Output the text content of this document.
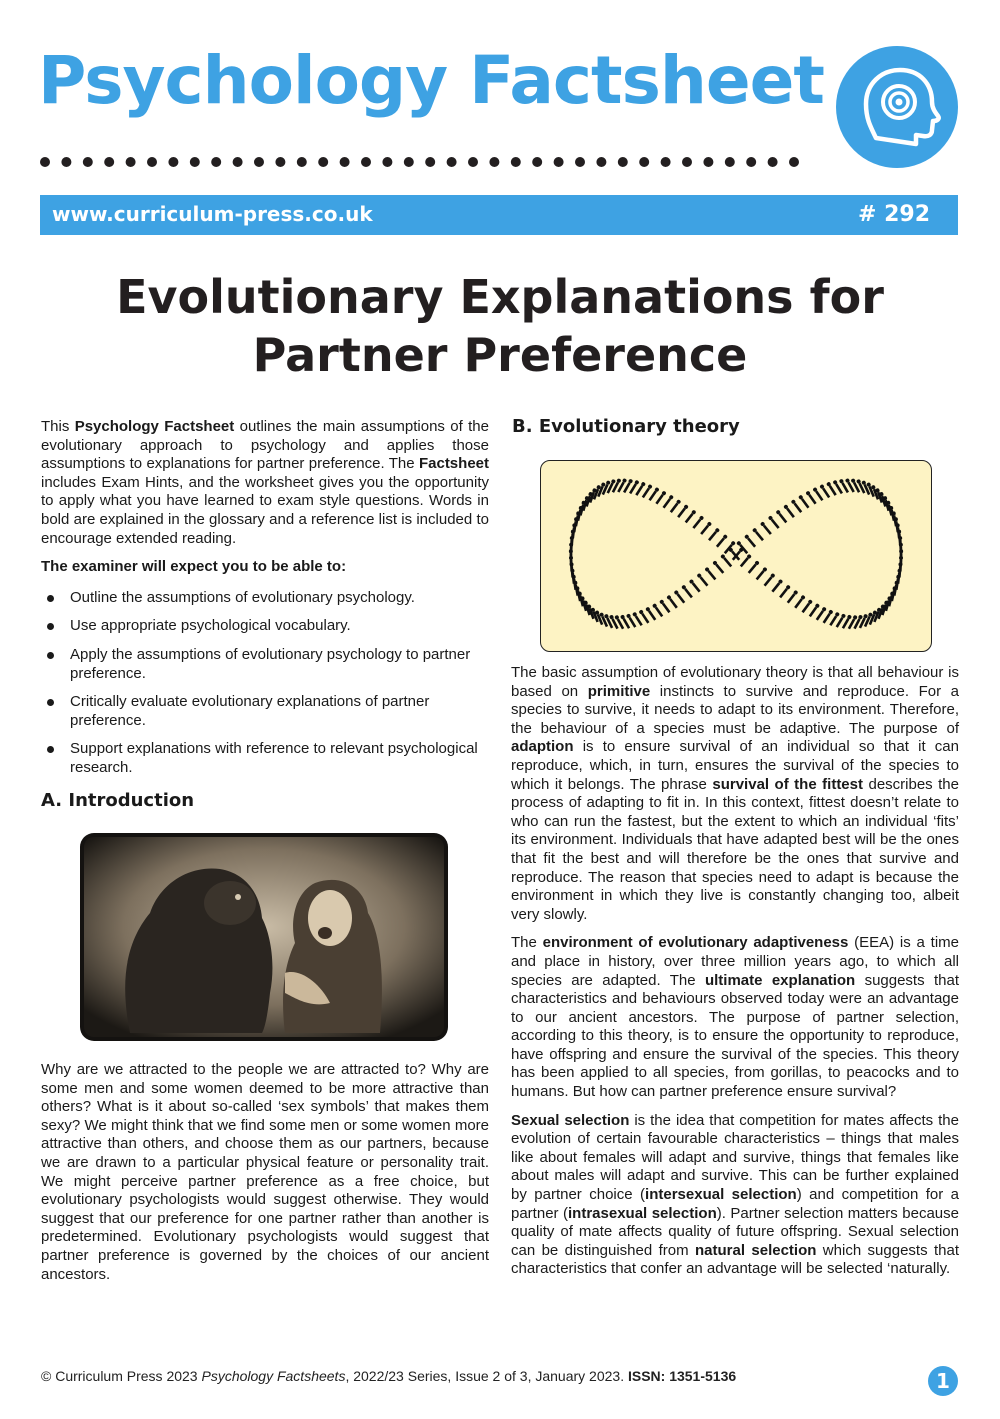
Psychology Factsheet
www.curriculum-press.co.uk	# 292
Evolutionary Explanations for
Partner Preference

This Psychology Factsheet outlines the main assumptions of the evolutionary approach to psychology and applies those assumptions to explanations for partner preference. The Factsheet includes Exam Hints, and the worksheet gives you the opportunity to apply what you have learned to exam style questions. Words in bold are explained in the glossary and a reference list is included to encourage extended reading.

The examiner will expect you to be able to:

Outline the assumptions of evolutionary psychology.
Use appropriate psychological vocabulary.
Apply the assumptions of evolutionary psychology to partner preference.
Critically evaluate evolutionary explanations of partner preference.
Support explanations with reference to relevant psychological research.
A. Introduction
Why are we attracted to the people we are attracted to? Why are some men and some women deemed to be more attractive than others? What is it about so-called ‘sex symbols’ that makes them sexy? We might think that we find some men or some women more attractive than others, and choose them as our partners, because we are drawn to a particular physical feature or personality trait. We might perceive partner preference as a free choice, but evolutionary psychologists would suggest otherwise. They would suggest that our preference for one partner rather than another is predetermined. Evolutionary psychologists would suggest that partner preference is governed by the choices of our ancient ancestors.
B. Evolutionary theory

The basic assumption of evolutionary theory is that all behaviour is based on primitive instincts to survive and reproduce. For a species to survive, it needs to adapt to its environment. Therefore, the behaviour of a species must be adaptive. The purpose of adaption is to ensure survival of an individual so that it can reproduce, which, in turn, ensures the survival of the species to which it belongs. The phrase survival of the fittest describes the process of adapting to fit in. In this context, fittest doesn’t relate to who can run the fastest, but the extent to which an individual ‘fits’ its environment. Individuals that have adapted best will be the ones that fit the best and will therefore be the ones that survive and reproduce. The reason that species need to adapt is because the environment in which they live is constantly changing too, albeit very slowly.

The environment of evolutionary adaptiveness (EEA) is a time and place in history, over three million years ago, to which all species are adapted. The ultimate explanation suggests that characteristics and behaviours observed today were an advantage to our ancient ancestors. The purpose of partner selection, according to this theory, is to ensure the opportunity to reproduce, have offspring and ensure the survival of the species. This theory has been applied to all species, from gorillas, to peacocks and to humans. But how can partner preference ensure survival?

Sexual selection is the idea that competition for mates affects the evolution of certain favourable characteristics – things that males like about females will adapt and survive, things that females like about males will adapt and survive. This can be further explained by partner choice (intersexual selection) and competition for a partner (intrasexual selection). Partner selection matters because quality of mate affects quality of future offspring. Sexual selection can be distinguished from natural selection which suggests that characteristics that confer an advantage will be selected ‘naturally.

© Curriculum Press 2023 Psychology Factsheets, 2022/23 Series, Issue 2 of 3, January 2023. ISSN: 1351-5136	1
